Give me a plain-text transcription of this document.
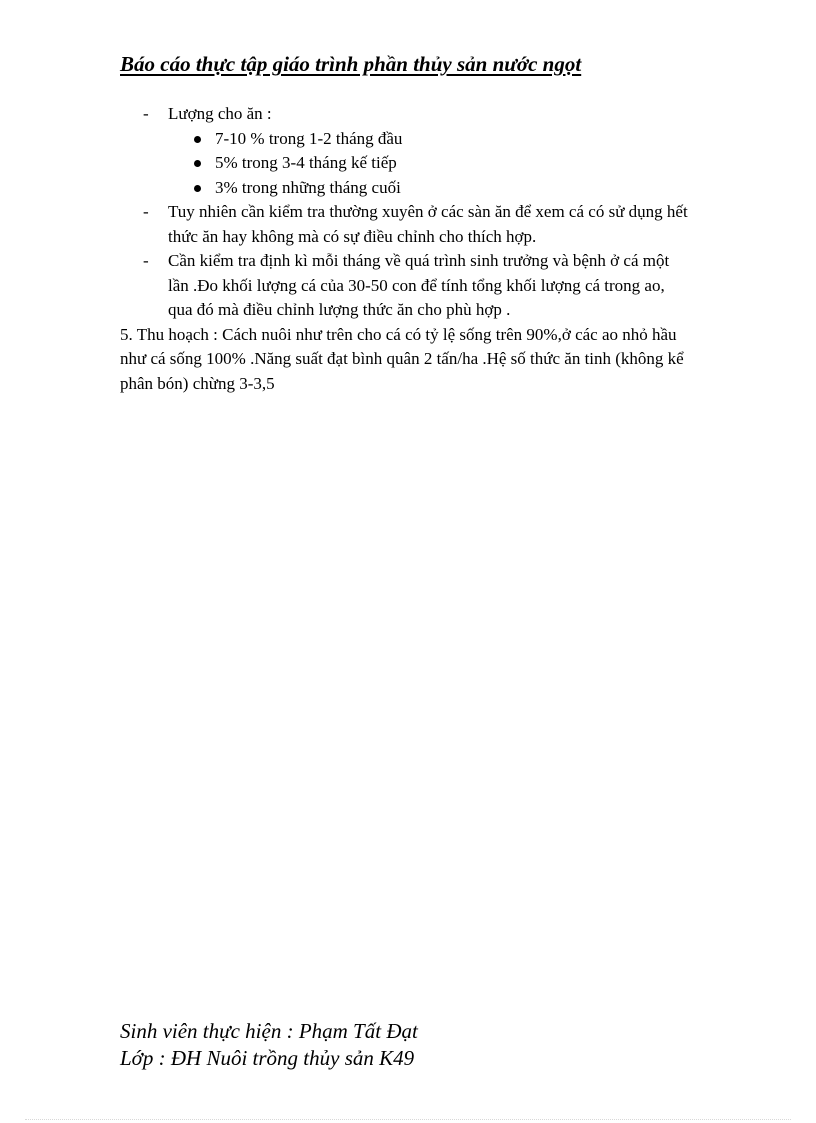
Báo cáo thực tập giáo trình phần thủy sản nước ngọt
- Lượng cho ăn :
7-10 % trong 1-2 tháng đầu
5% trong 3-4 tháng kế tiếp
3% trong những tháng cuối
- Tuy nhiên cần kiểm tra thường xuyên ở các sàn ăn để xem cá có sử dụng hết thức ăn hay không mà có sự điều chỉnh cho thích hợp.
- Cần kiểm tra định kì mỗi tháng về quá trình sinh trưởng và bệnh ở cá một lần .Đo khối lượng cá của 30-50 con để tính tổng khối lượng cá trong ao, qua đó mà điều chỉnh lượng thức ăn cho phù hợp .
5. Thu hoạch : Cách nuôi như trên cho cá có tỷ lệ sống trên 90%,ở các ao nhỏ hầu như cá sống 100% .Năng suất đạt bình quân 2 tấn/ha .Hệ số thức ăn tinh (không kể phân bón) chừng 3-3,5
Sinh viên thực hiện : Phạm Tất Đạt
Lớp : ĐH Nuôi trồng thủy sản K49
